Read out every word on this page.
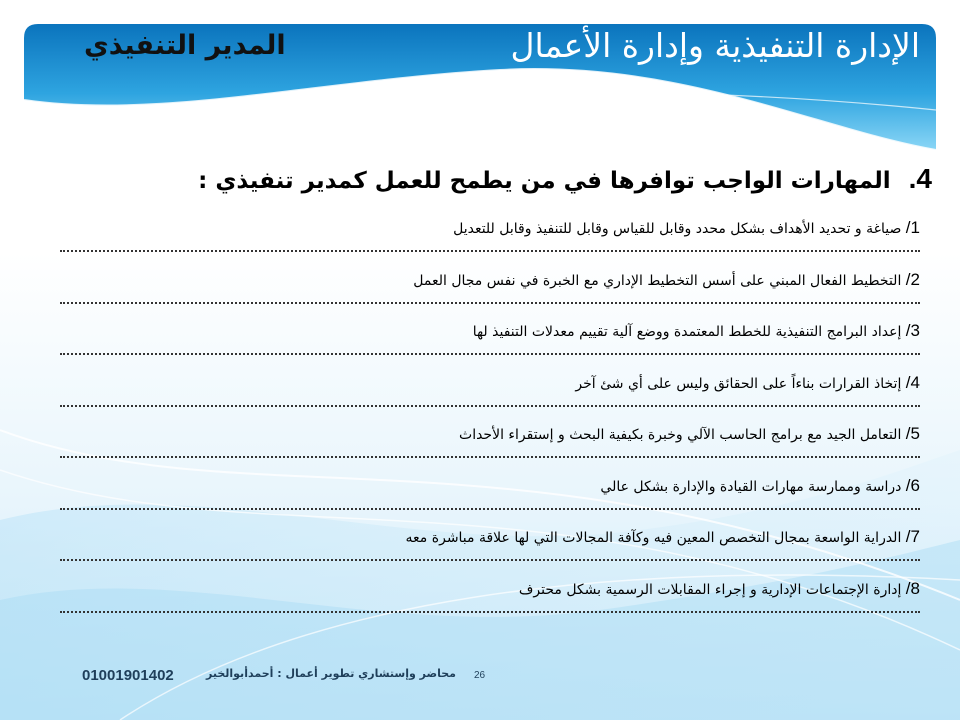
الإدارة التنفيذية وإدارة الأعمال
المدير التنفيذي
4.المهارات الواجب توافرها في من يطمح للعمل كمدير تنفيذي :
1/ صياغة و تحديد الأهداف بشكل محدد وقابل للقياس وقابل للتنفيذ وقابل للتعديل
2/ التخطيط الفعال المبني على أسس التخطيط الإداري مع الخبرة في نفس مجال العمل
3/ إعداد البرامج التنفيذية للخطط المعتمدة ووضع آلية تقييم معدلات التنفيذ لها
4/ إتخاذ القرارات بناءاً على الحقائق وليس على أي شئ آخر
5/ التعامل الجيد مع برامج الحاسب الآلي وخبرة بكيفية البحث و إستقراء الأحداث
6/ دراسة وممارسة مهارات القيادة والإدارة بشكل عالي
7/ الدراية الواسعة بمجال التخصص المعين فيه وكآفة المجالات التي لها علاقة مباشرة معه
8/ إدارة الإجتماعات الإدارية و إجراء المقابلات الرسمية بشكل محترف

01001901402	محاضر وإستشاري تطوير أعمال : أحمدأبوالخير 26
